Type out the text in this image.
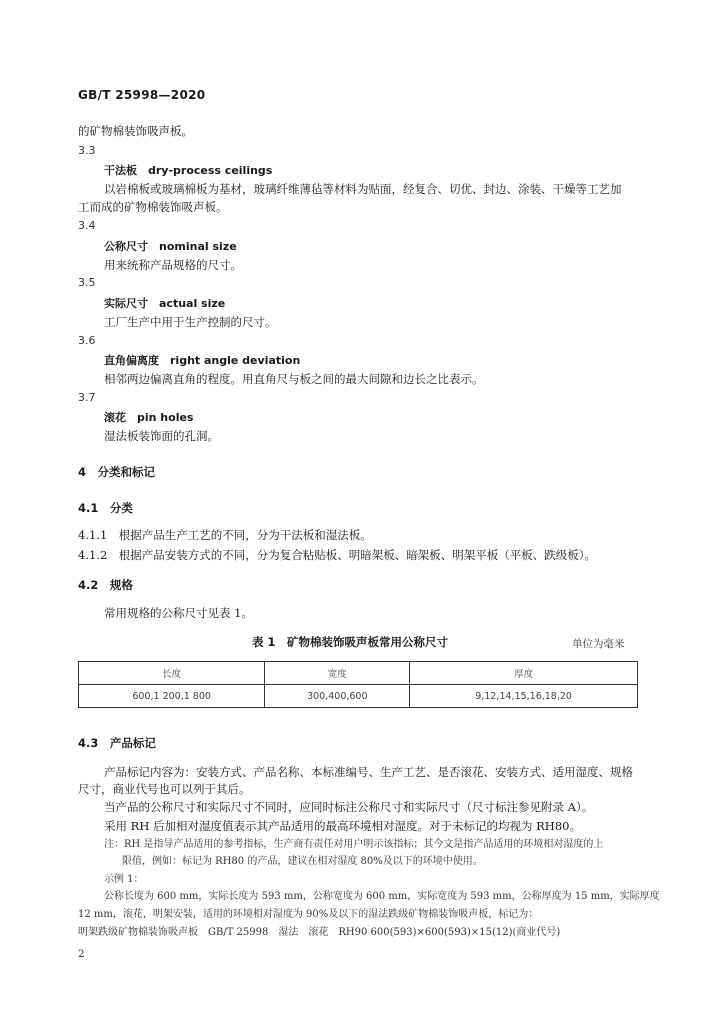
GB/T 25998—2020
的矿物棉装饰吸声板。
3.3
干法板　dry-process ceilings
以岩棉板或玻璃棉板为基材，玻璃纤维薄毡等材料为贴面，经复合、切优、封边、涂装、干燥等工艺加
工而成的矿物棉装饰吸声板。
3.4
公称尺寸　nominal size
用来统称产品规格的尺寸。
3.5
实际尺寸　actual size
工厂生产中用于生产控制的尺寸。
3.6
直角偏离度　right angle deviation
相邻两边偏离直角的程度。用直角尺与板之间的最大间隙和边长之比表示。
3.7
滚花　pin holes
湿法板装饰面的孔洞。
4　分类和标记
4.1　分类
4.1.1　根据产品生产工艺的不同，分为干法板和湿法板。
4.1.2　根据产品安装方式的不同，分为复合粘贴板、明暗架板、暗架板、明架平板（平板、跌级板）。
4.2　规格
常用规格的公称尺寸见表 1。
表 1　矿物棉装饰吸声板常用公称尺寸	单位为毫米
长度	宽度	厚度
600,1 200,1 800	300,400,600	9,12,14,15,16,18,20
4.3　产品标记
产品标记内容为：安装方式、产品名称、本标准编号、生产工艺、是否滚花、安装方式、适用湿度、规格
尺寸，商业代号也可以列于其后。
当产品的公称尺寸和实际尺寸不同时，应同时标注公称尺寸和实际尺寸（尺寸标注参见附录 A）。
采用 RH 后加相对湿度值表示其产品适用的最高环境相对湿度。对于未标记的均视为 RH80。
注：RH 是指导产品适用的参考指标，生产商有责任对用户明示该指标；其今文是指产品适用的环境相对湿度的上
限值，例如：标记为 RH80 的产品，建议在相对湿度 80%及以下的环境中使用。
示例 1：
公称长度为 600 mm，实际长度为 593 mm，公称宽度为 600 mm，实际宽度为 593 mm，公称厚度为 15 mm，实际厚度
12 mm，滚花，明架安装，适用的环境相对湿度为 90%及以下的湿法跌级矿物棉装饰吸声板，标记为：
明架跌级矿物棉装饰吸声板　GB/T 25998　湿法　滚花　RH90 600(593)×600(593)×15(12)(商业代号)
2
